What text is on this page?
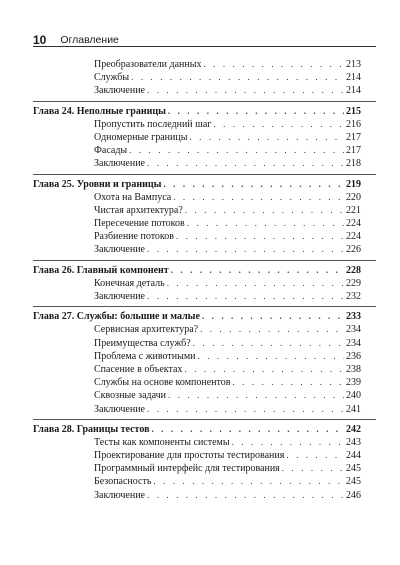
10 Оглавление
Преобразователи данных . . .	213
Службы . . .	214
Заключение . . .	214
Глава 24. Неполные границы . . .	215
Пропустить последний шаг . . .	216
Одномерные границы . . .	217
Фасады . . .	217
Заключение . . .	218
Глава 25. Уровни и границы . . .	219
Охота на Вампуса . . .	220
Чистая архитектура? . . .	221
Пересечение потоков . . .	224
Разбиение потоков . . .	224
Заключение . . .	226
Глава 26. Главный компонент . . .	228
Конечная деталь . . .	229
Заключение . . .	232
Глава 27. Службы: большие и малые . . .	233
Сервисная архитектура? . . .	234
Преимущества служб? . . .	234
Проблема с животными . . .	236
Спасение в объектах . . .	238
Службы на основе компонентов . . .	239
Сквозные задачи . . .	240
Заключение . . .	241
Глава 28. Границы тестов . . .	242
Тесты как компоненты системы . . .	243
Проектирование для простоты тестирования . . .	244
Программный интерфейс для тестирования . . .	245
Безопасность . . .	245
Заключение . . .	246
